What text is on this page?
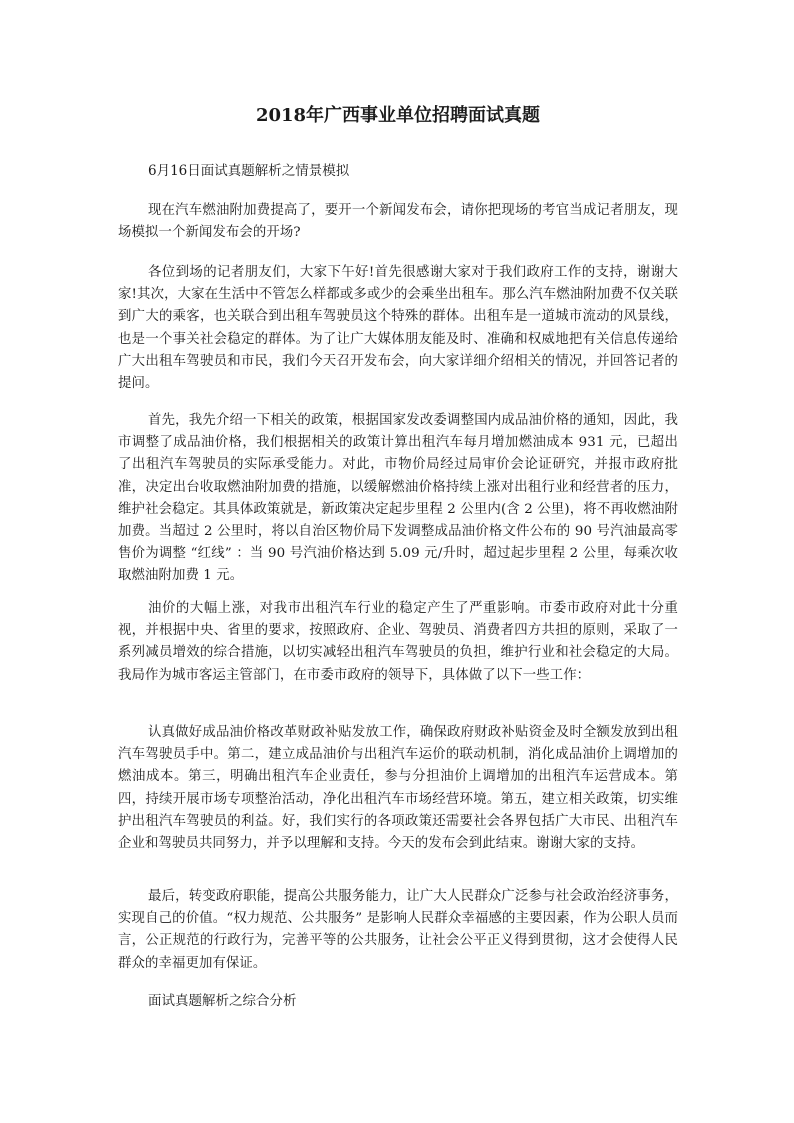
2018年广西事业单位招聘面试真题
6月16日面试真题解析之情景模拟
现在汽车燃油附加费提高了，要开一个新闻发布会，请你把现场的考官当成记者朋友，现场模拟一个新闻发布会的开场?
各位到场的记者朋友们，大家下午好!首先很感谢大家对于我们政府工作的支持，谢谢大家!其次，大家在生活中不管怎么样都或多或少的会乘坐出租车。那么汽车燃油附加费不仅关联到广大的乘客，也关联合到出租车驾驶员这个特殊的群体。出租车是一道城市流动的风景线，也是一个事关社会稳定的群体。为了让广大媒体朋友能及时、准确和权威地把有关信息传递给广大出租车驾驶员和市民，我们今天召开发布会，向大家详细介绍相关的情况，并回答记者的提问。
首先，我先介绍一下相关的政策，根据国家发改委调整国内成品油价格的通知，因此，我市调整了成品油价格，我们根据相关的政策计算出租汽车每月增加燃油成本 931 元，已超出了出租汽车驾驶员的实际承受能力。对此，市物价局经过局审价会论证研究，并报市政府批准，决定出台收取燃油附加费的措施，以缓解燃油价格持续上涨对出租行业和经营者的压力，维护社会稳定。其具体政策就是，新政策决定起步里程 2 公里内(含 2 公里)，将不再收燃油附加费。当超过 2 公里时，将以自治区物价局下发调整成品油价格文件公布的 90 号汽油最高零售价为调整 “红线” ：当 90 号汽油价格达到 5.09 元/升时，超过起步里程 2 公里，每乘次收取燃油附加费 1 元。
油价的大幅上涨，对我市出租汽车行业的稳定产生了严重影响。市委市政府对此十分重视，并根据中央、省里的要求，按照政府、企业、驾驶员、消费者四方共担的原则，采取了一系列减员增效的综合措施，以切实减轻出租汽车驾驶员的负担，维护行业和社会稳定的大局。我局作为城市客运主管部门，在市委市政府的领导下，具体做了以下一些工作：
认真做好成品油价格改革财政补贴发放工作，确保政府财政补贴资金及时全额发放到出租汽车驾驶员手中。第二，建立成品油价与出租汽车运价的联动机制，消化成品油价上调增加的燃油成本。第三，明确出租汽车企业责任，参与分担油价上调增加的出租汽车运营成本。第四，持续开展市场专项整治活动，净化出租汽车市场经营环境。第五，建立相关政策，切实维护出租汽车驾驶员的利益。好，我们实行的各项政策还需要社会各界包括广大市民、出租汽车企业和驾驶员共同努力，并予以理解和支持。今天的发布会到此结束。谢谢大家的支持。
最后，转变政府职能，提高公共服务能力，让广大人民群众广泛参与社会政治经济事务，实现自己的价值。“权力规范、公共服务” 是影响人民群众幸福感的主要因素，作为公职人员而言，公正规范的行政行为，完善平等的公共服务，让社会公平正义得到贯彻，这才会使得人民群众的幸福更加有保证。
面试真题解析之综合分析
